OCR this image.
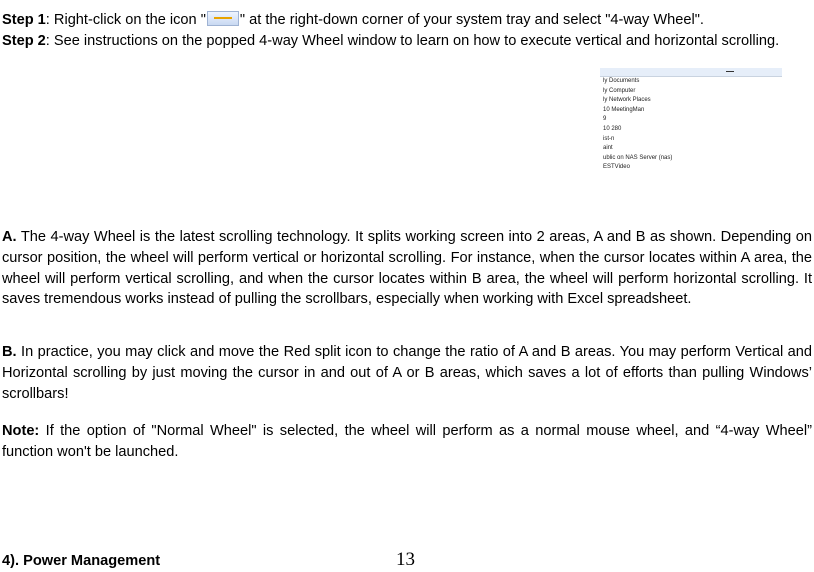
Step 1: Right-click on the icon " " at the right-down corner of your system tray and select "4-way Wheel".
Step 2: See instructions on the popped 4-way Wheel window to learn on how to execute vertical and horizontal scrolling.
ly Documents
ly Computer
ly Network Places
10 MeetingMan
9
10 280
ist-n
aint
ublic on NAS Server (nas)
ESTVideo
A. The 4-way Wheel is the latest scrolling technology. It splits working screen into 2 areas, A and B as shown. Depending on cursor position, the wheel will perform vertical or horizontal scrolling. For instance, when the cursor locates within A area, the wheel will perform vertical scrolling, and when the cursor locates within B area, the wheel will perform horizontal scrolling. It saves tremendous works instead of pulling the scrollbars, especially when working with Excel spreadsheet.
B. In practice, you may click and move the Red split icon to change the ratio of A and B areas. You may perform Vertical and Horizontal scrolling by just moving the cursor in and out of A or B areas, which saves a lot of efforts than pulling Windows’ scrollbars!
Note: If the option of "Normal Wheel" is selected, the wheel will perform as a normal mouse wheel, and “4-way Wheel” function won't be launched.
4). Power Management	13
